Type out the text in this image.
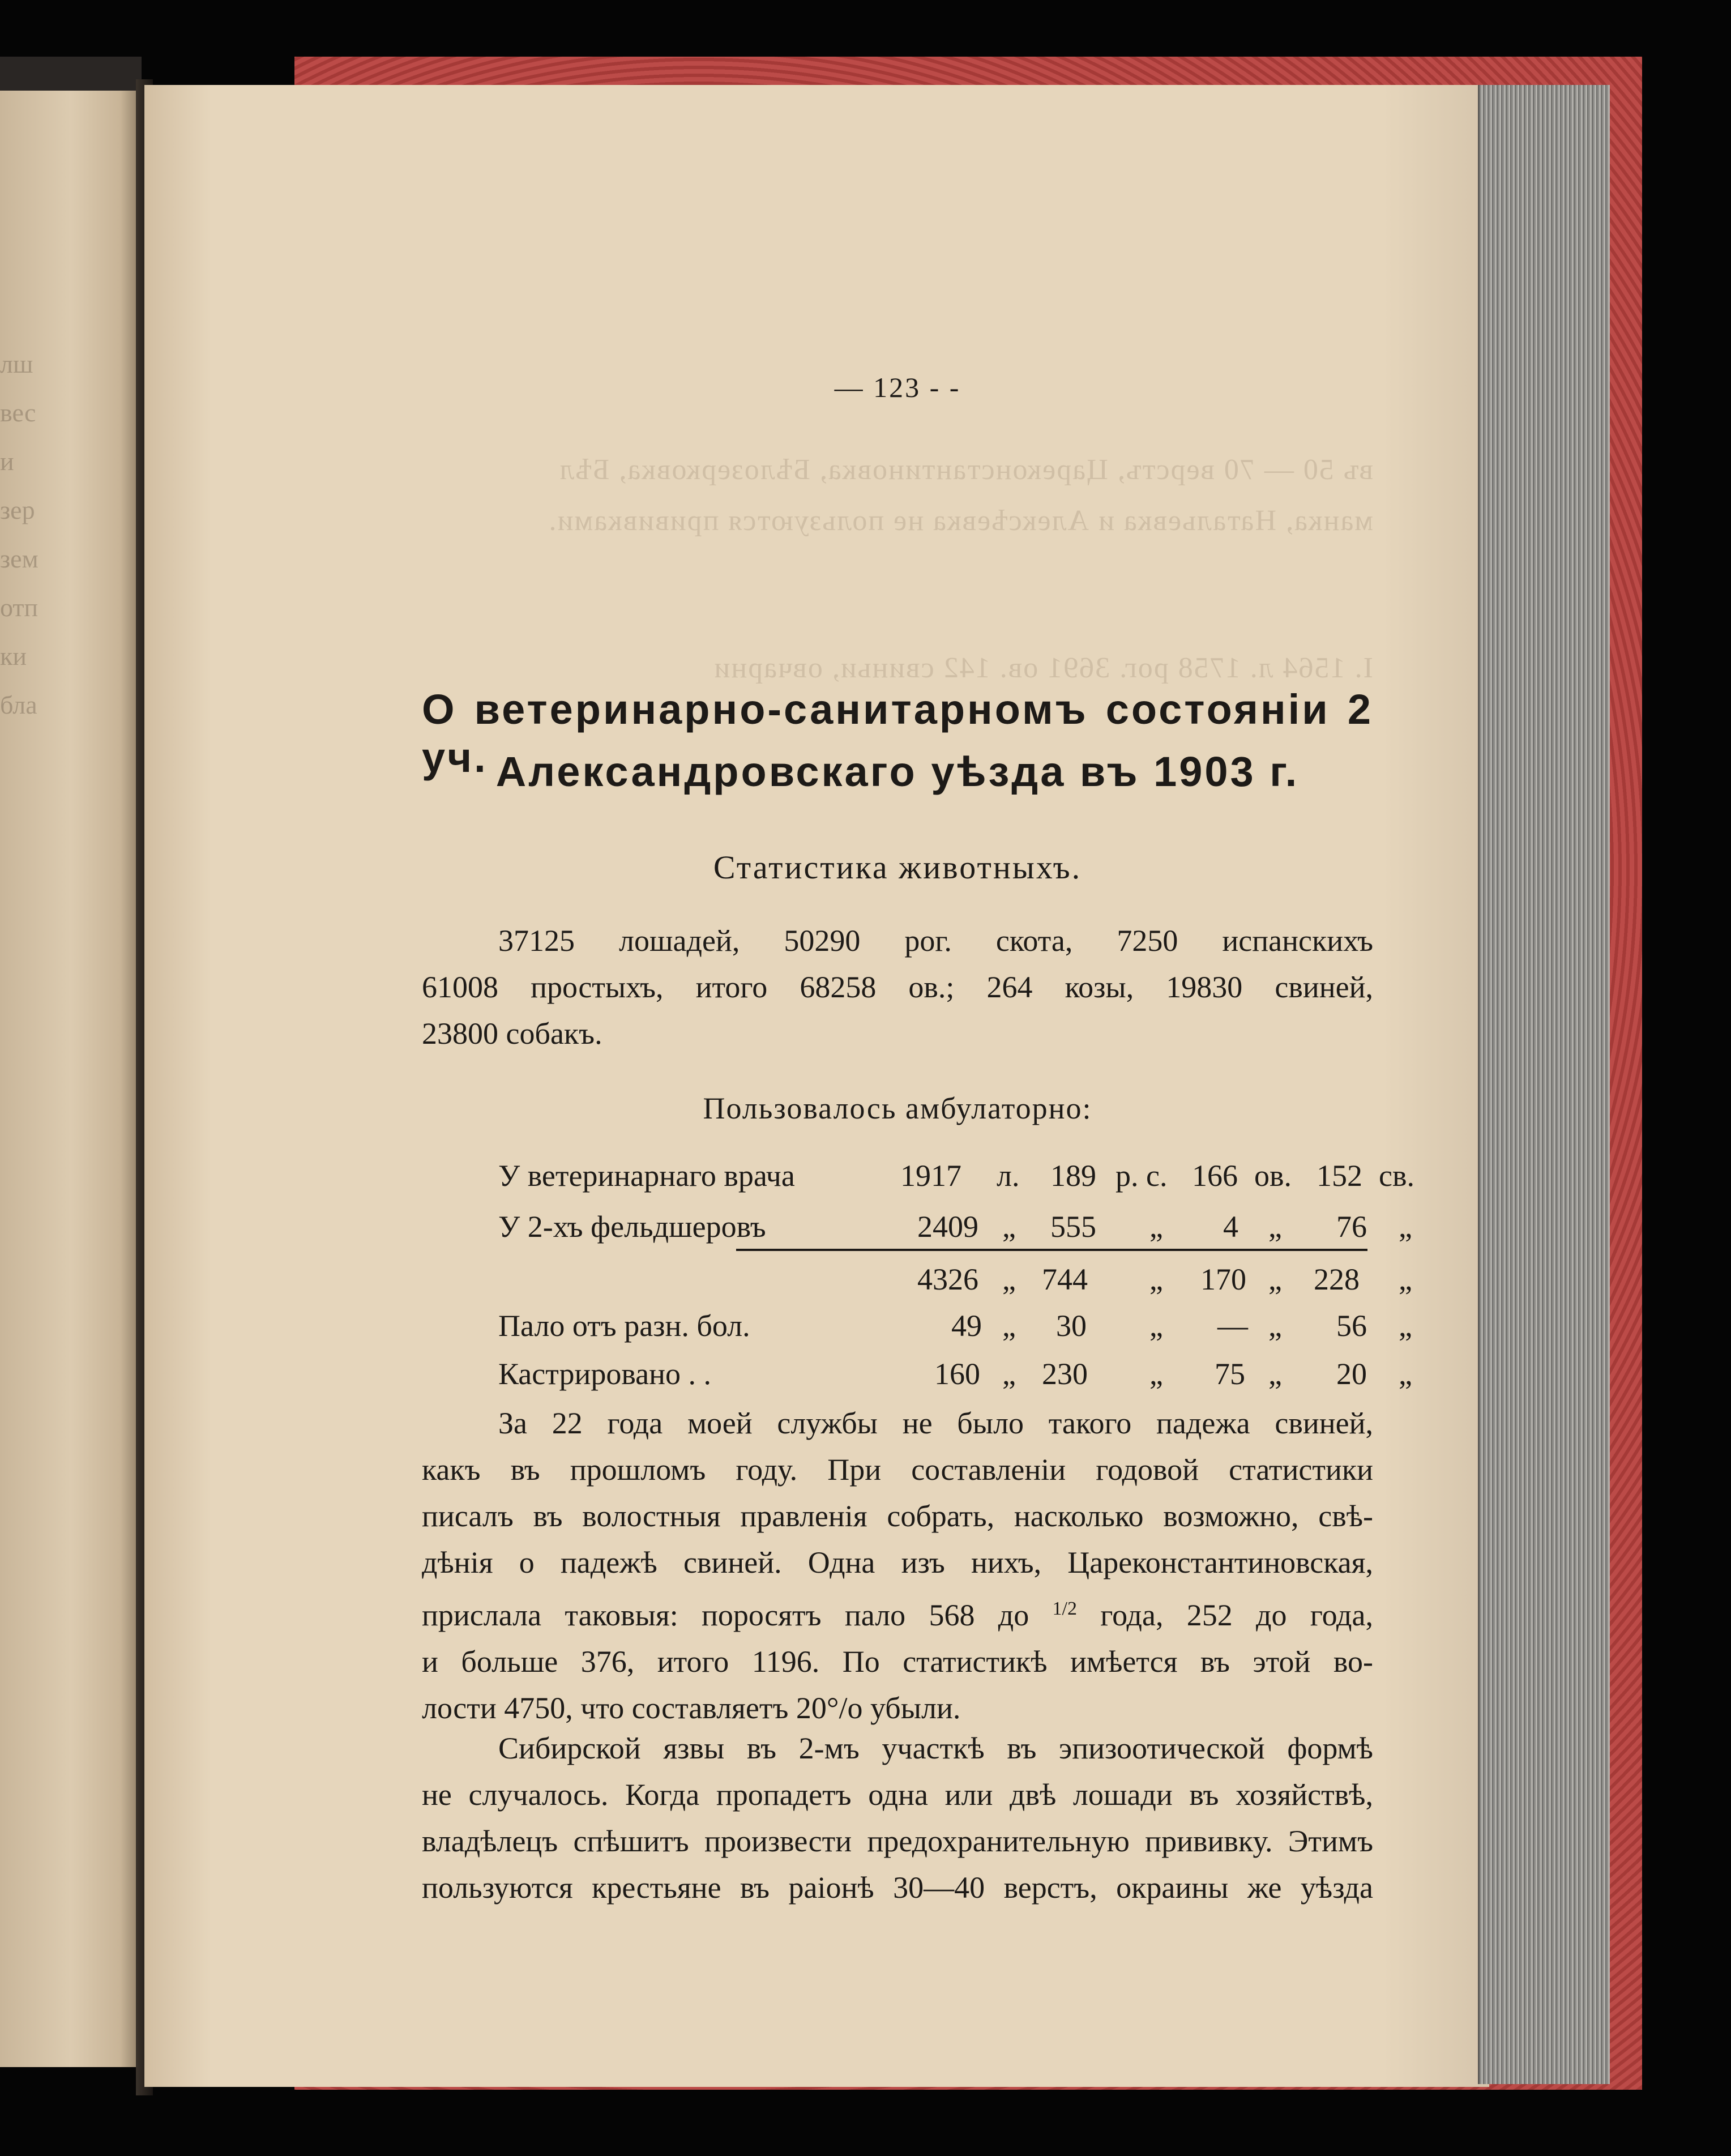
лш
вес
и
зер
зем
отп
ки
бла
въ 50 — 70 верстъ, Цареконстантиновка, Бѣлозерковка, Бѣл
манка, Натальевка и Алексѣевка не пользуются прививками.
I. 1564 л. 1758 рог. 3691 ов. 142 свиньи, овчарни
— 123 - -
О ветеринарно-санитарномъ состояніи 2 уч. Александровскаго уѣзда въ 1903 г.
Статистика животныхъ.
37125 лошадей, 50290 рог. скота, 7250 испанскихъ
61008 простыхъ, итого 68258 ов.; 264 козы, 19830 свиней,
23800 собакъ.
Пользовалось амбулаторно:
У ветеринарнаго врача	1917 л. 189 р. с. 166 ов. 152 св.
У 2-хъ фельдшеровъ	2409 „ 555 „ 4 „ 76 „
4326 „ 744 „ 170 „ 228 „
Пало отъ разн. бол.	49 „ 30 „ — „ 56 „
Кастрировано . .	160 „ 230 „ 75 „ 20 „
За 22 года моей службы не было такого падежа свиней,
какъ въ прошломъ году. При составленіи годовой статистики
писалъ въ волостныя правленія собрать, насколько возможно, свѣ-
дѣнія о падежѣ свиней. Одна изъ нихъ, Цареконстантиновская,
прислала таковыя: поросятъ пало 568 до $^{1/2}$ года, 252 до года,
и больше 376, итого 1196. По статистикѣ имѣется въ этой во-
лости 4750, что составляетъ 20°/о убыли.
Сибирской язвы въ 2-мъ участкѣ въ эпизоотической формѣ
не случалось. Когда пропадетъ одна или двѣ лошади въ хозяйствѣ,
владѣлецъ спѣшитъ произвести предохранительную прививку. Этимъ
пользуются крестьяне въ раіонѣ 30—40 верстъ, окраины же уѣзда
